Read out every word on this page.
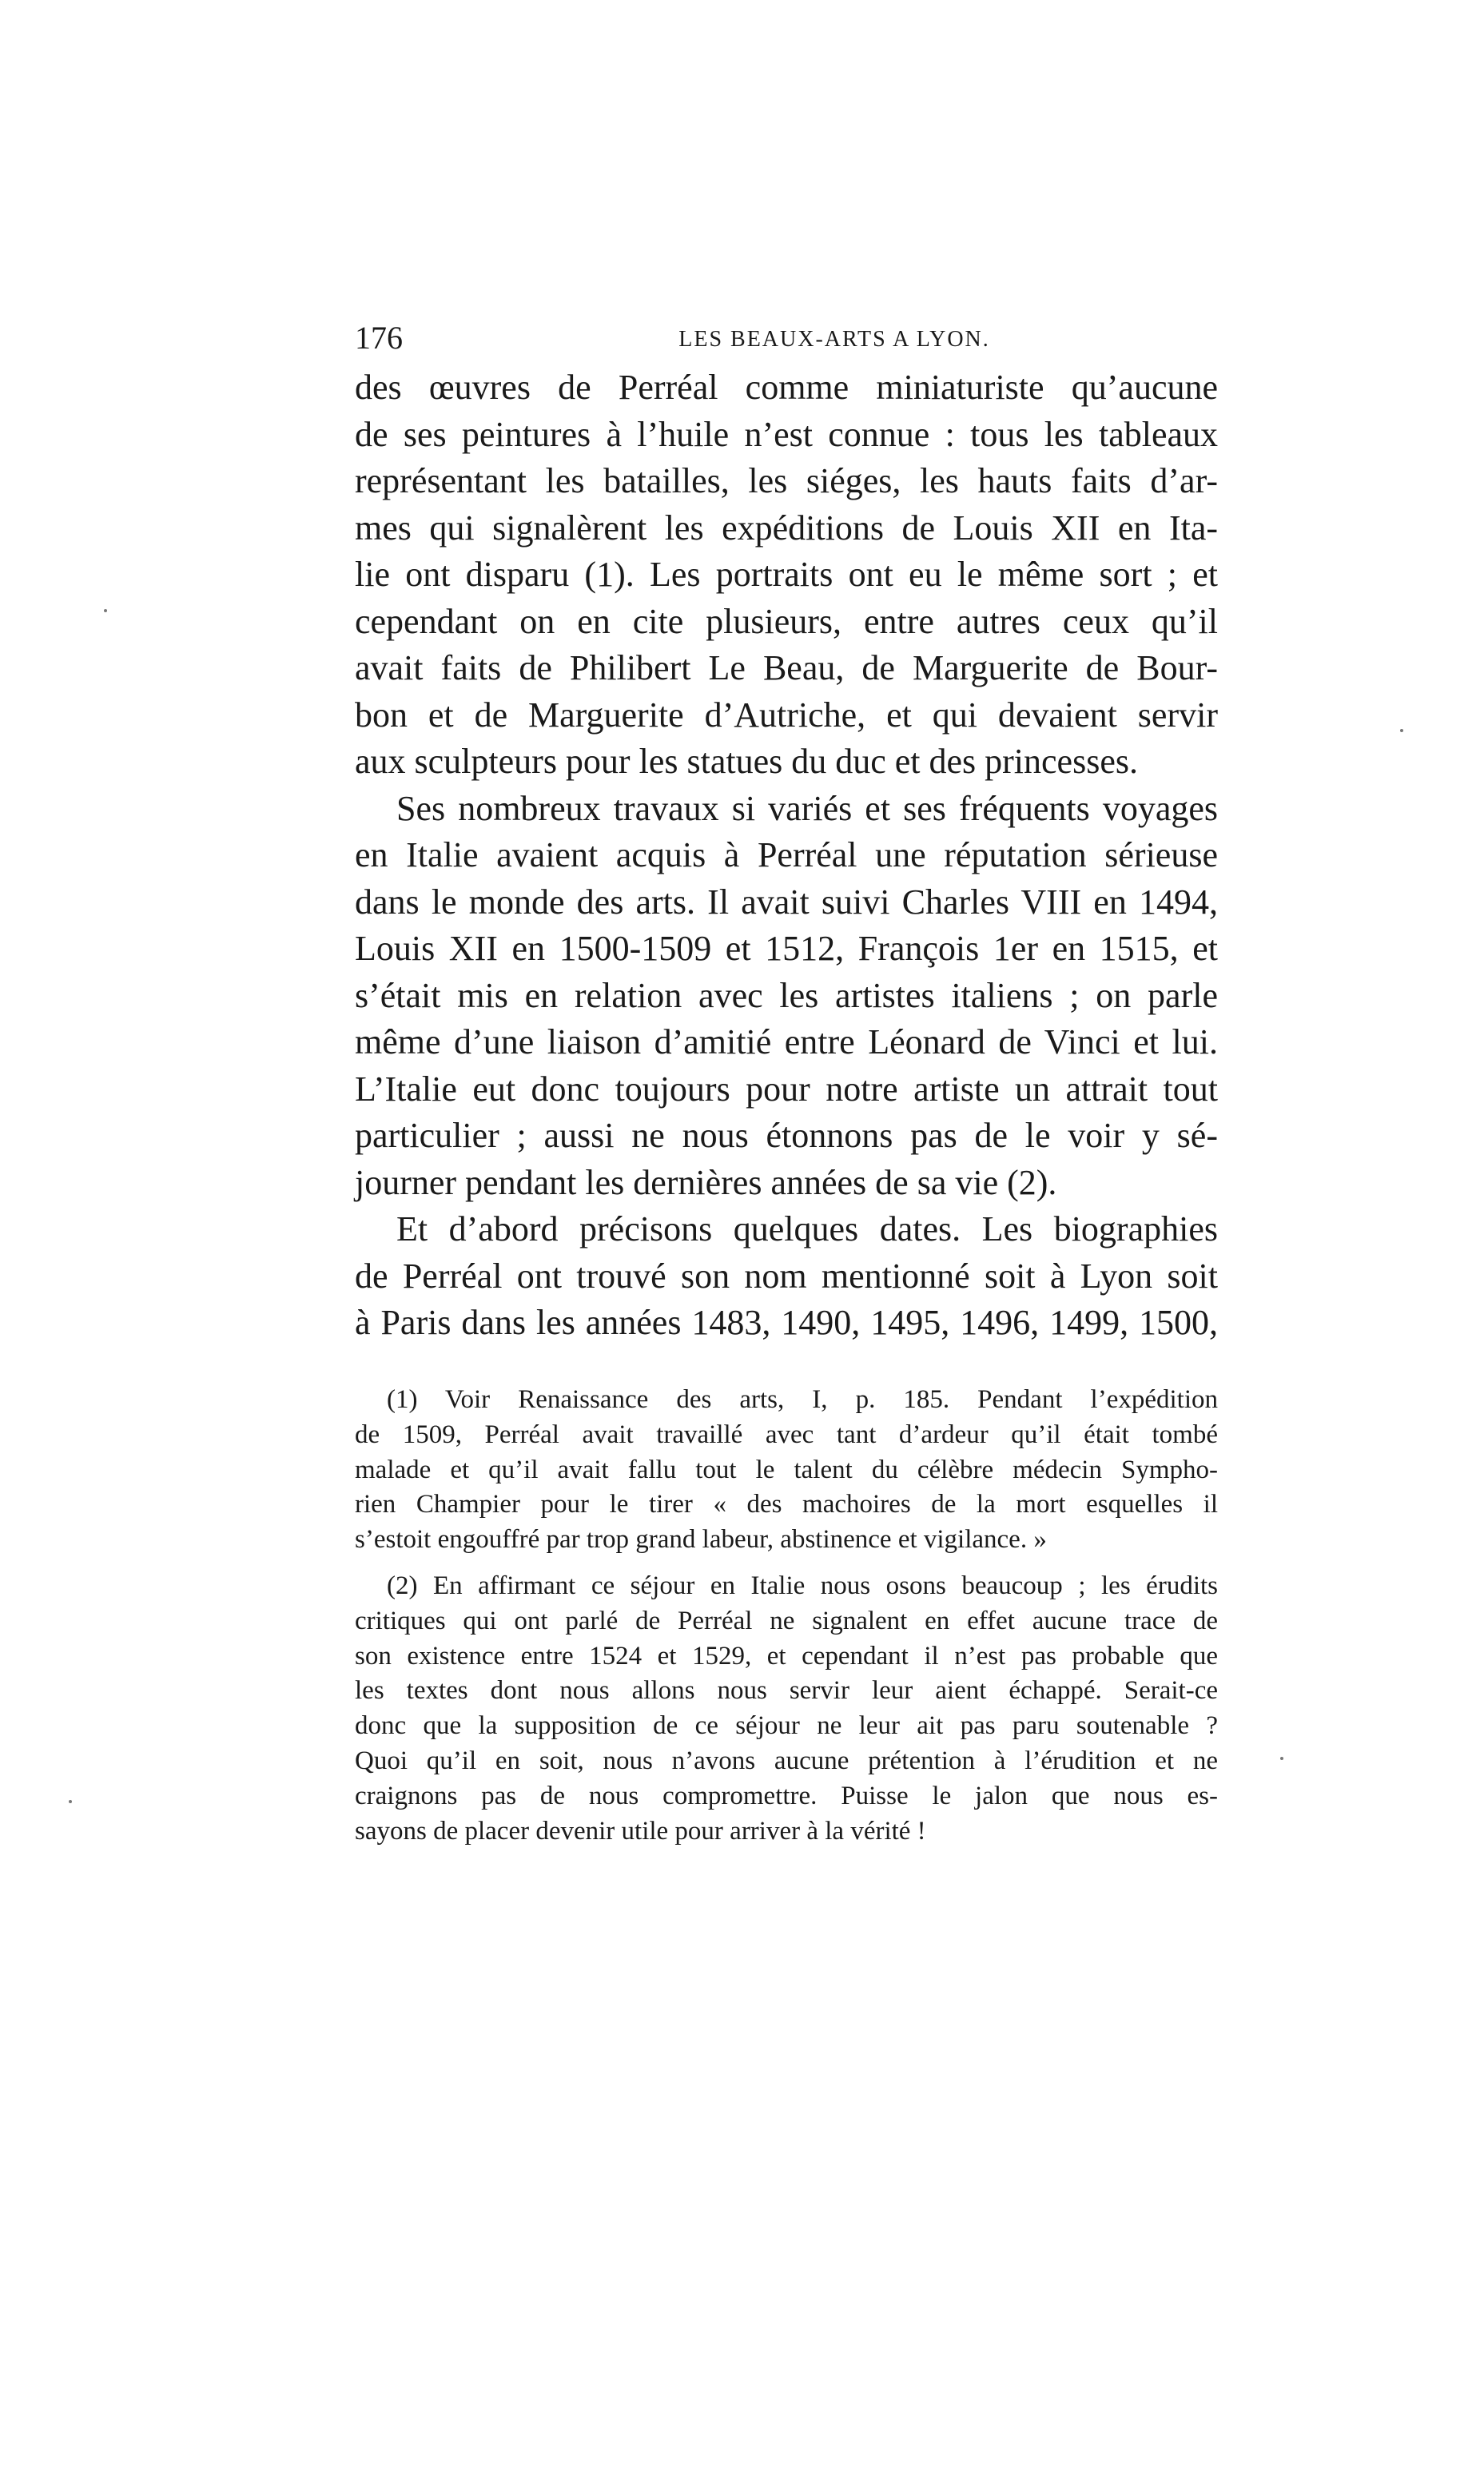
176	LES BEAUX-ARTS A LYON.
des œuvres de Perréal comme miniaturiste qu’aucune
de ses peintures à l’huile n’est connue : tous les tableaux
représentant les batailles, les siéges, les hauts faits d’ar-
mes qui signalèrent les expéditions de Louis XII en Ita-
lie ont disparu (1). Les portraits ont eu le même sort ; et
cependant on en cite plusieurs, entre autres ceux qu’il
avait faits de Philibert Le Beau, de Marguerite de Bour-
bon et de Marguerite d’Autriche, et qui devaient servir
aux sculpteurs pour les statues du duc et des princesses.
Ses nombreux travaux si variés et ses fréquents voyages
en Italie avaient acquis à Perréal une réputation sérieuse
dans le monde des arts. Il avait suivi Charles VIII en 1494,
Louis XII en 1500-1509 et 1512, François 1er en 1515, et
s’était mis en relation avec les artistes italiens ; on parle
même d’une liaison d’amitié entre Léonard de Vinci et lui.
L’Italie eut donc toujours pour notre artiste un attrait tout
particulier ; aussi ne nous étonnons pas de le voir y sé-
journer pendant les dernières années de sa vie (2).
Et d’abord précisons quelques dates. Les biographies
de Perréal ont trouvé son nom mentionné soit à Lyon soit
à Paris dans les années 1483, 1490, 1495, 1496, 1499, 1500,
(1) Voir Renaissance des arts, I, p. 185. Pendant l’expédition
de 1509, Perréal avait travaillé avec tant d’ardeur qu’il était tombé
malade et qu’il avait fallu tout le talent du célèbre médecin Sympho-
rien Champier pour le tirer « des machoires de la mort esquelles il
s’estoit engouffré par trop grand labeur, abstinence et vigilance. »
(2) En affirmant ce séjour en Italie nous osons beaucoup ; les érudits
critiques qui ont parlé de Perréal ne signalent en effet aucune trace de
son existence entre 1524 et 1529, et cependant il n’est pas probable que
les textes dont nous allons nous servir leur aient échappé. Serait-ce
donc que la supposition de ce séjour ne leur ait pas paru soutenable ?
Quoi qu’il en soit, nous n’avons aucune prétention à l’érudition et ne
craignons pas de nous compromettre. Puisse le jalon que nous es-
sayons de placer devenir utile pour arriver à la vérité !
